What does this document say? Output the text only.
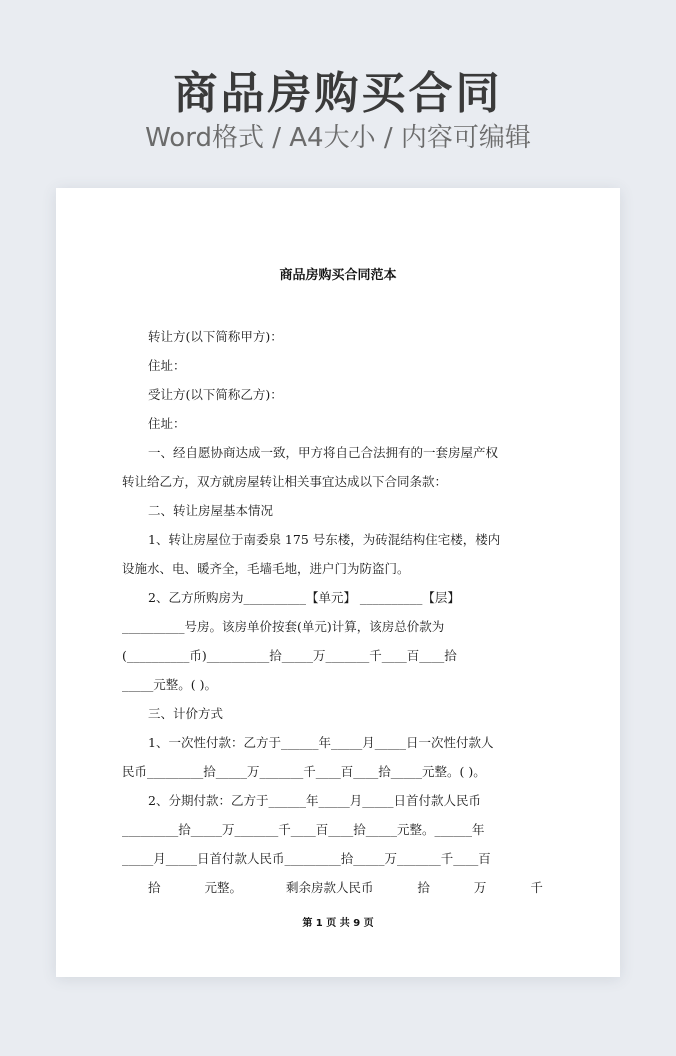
商品房购买合同
Word格式 / A4大小 / 内容可编辑
商品房购买合同范本
转让方(以下简称甲方)：
住址：
受让方(以下简称乙方)：
住址：
一、经自愿协商达成一致，甲方将自己合法拥有的一套房屋产权
转让给乙方，双方就房屋转让相关事宜达成以下合同条款：
二、转让房屋基本情况
1、转让房屋位于南委泉 175 号东楼，为砖混结构住宅楼，楼内
设施水、电、暖齐全，毛墙毛地，进户门为防盗门。
2、乙方所购房为__________【单元】 __________【层】
__________号房。该房单价按套(单元)计算，该房总价款为
(__________币)__________拾_____万_______千____百____拾
_____元整。( )。
三、计价方式
1、一次性付款：乙方于______年_____月_____日一次性付款人
民币_________拾_____万_______千____百____拾_____元整。( )。
2、分期付款：乙方于______年_____月_____日首付款人民币
_________拾_____万_______千____百____拾_____元整。______年
_____月_____日首付款人民币_________拾_____万_______千____百
拾 元整。 剩余房款人民币 拾 万 千
第 1 页 共 9 页
